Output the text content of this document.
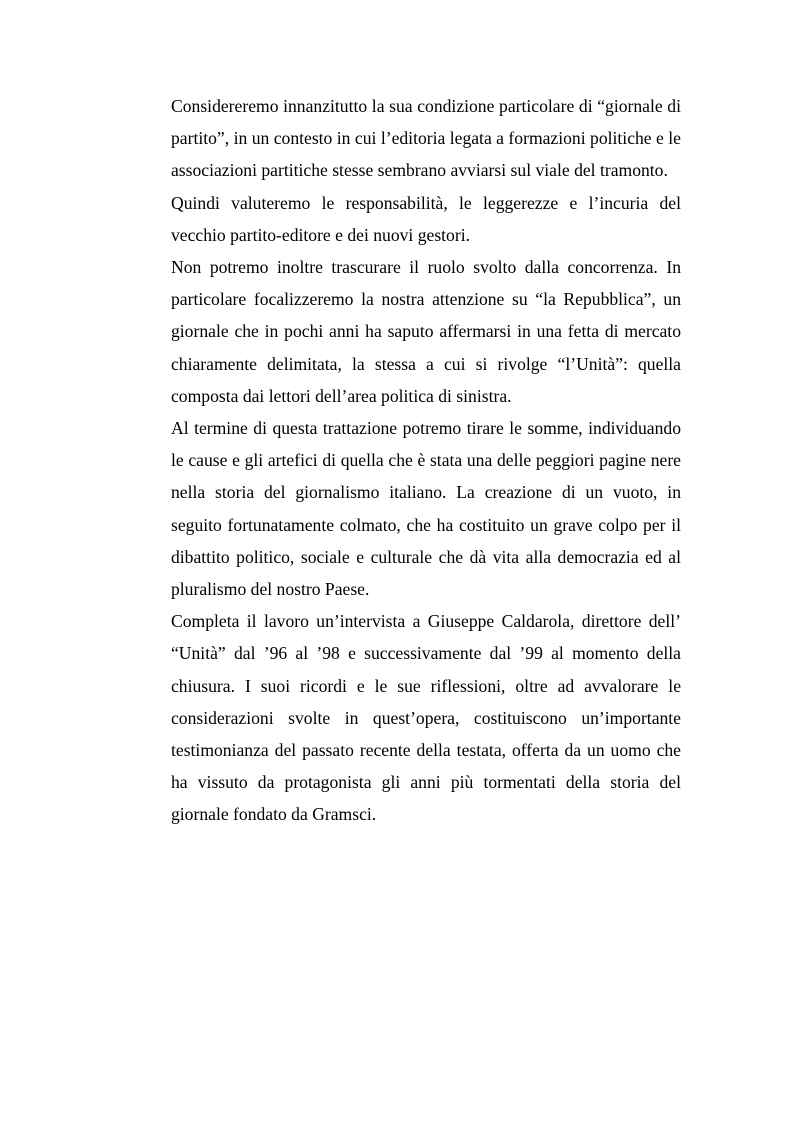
Considereremo innanzitutto la sua condizione particolare di “giornale di partito”, in un contesto in cui l’editoria legata a formazioni politiche e le associazioni partitiche stesse sembrano avviarsi sul viale del tramonto.

Quindi valuteremo le responsabilità, le leggerezze e l’incuria del vecchio partito-editore e dei nuovi gestori.

Non potremo inoltre trascurare il ruolo svolto dalla concorrenza. In particolare focalizzeremo la nostra attenzione su “la Repubblica”, un giornale che in pochi anni ha saputo affermarsi in una fetta di mercato chiaramente delimitata, la stessa a cui si rivolge “l’Unità”: quella composta dai lettori dell’area politica di sinistra.

Al termine di questa trattazione potremo tirare le somme, individuando le cause e gli artefici di quella che è stata una delle peggiori pagine nere nella storia del giornalismo italiano. La creazione di un vuoto, in seguito fortunatamente colmato, che ha costituito un grave colpo per il dibattito politico, sociale e culturale che dà vita alla democrazia ed al pluralismo del nostro Paese.

Completa il lavoro un’intervista a Giuseppe Caldarola, direttore dell’ “Unità” dal ’96 al ’98 e successivamente dal ’99 al momento della chiusura. I suoi ricordi e le sue riflessioni, oltre ad avvalorare le considerazioni svolte in quest’opera, costituiscono un’importante testimonianza del passato recente della testata, offerta da un uomo che ha vissuto da protagonista gli anni più tormentati della storia del giornale fondato da Gramsci.
